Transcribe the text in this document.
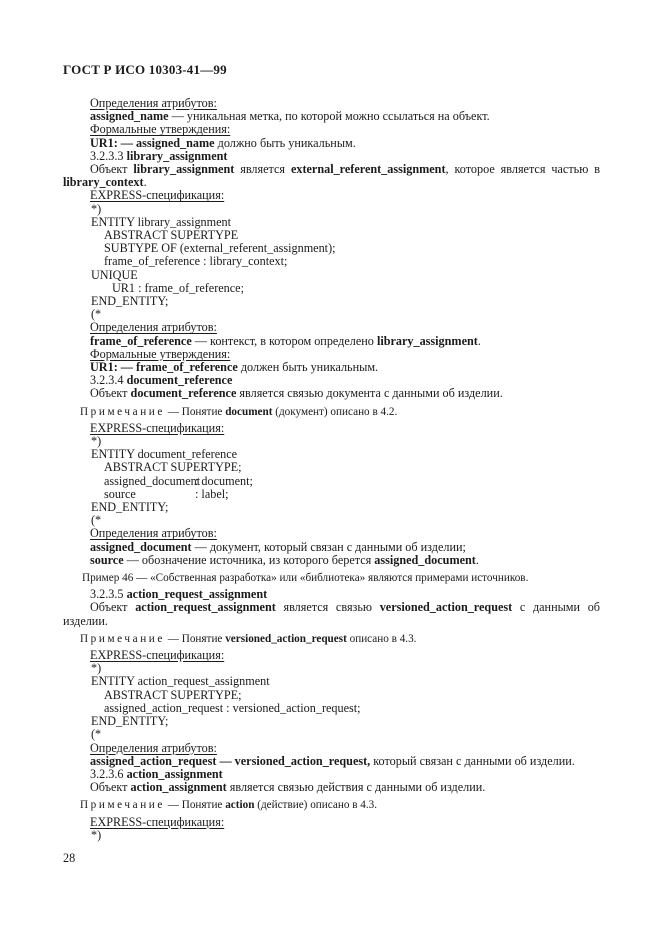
ГОСТ Р ИСО 10303-41—99
Определения атрибутов:
assigned_name — уникальная метка, по которой можно ссылаться на объект.
Формальные утверждения:
UR1: — assigned_name должно быть уникальным.
3.2.3.3 library_assignment
Объект library_assignment является external_referent_assignment, которое является частью в
library_context.
EXPRESS-спецификация:
*)
ENTITY library_assignment
ABSTRACT SUPERTYPE
SUBTYPE OF (external_referent_assignment);
frame_of_reference : library_context;
UNIQUE
UR1 : frame_of_reference;
END_ENTITY;
(*
Определения атрибутов:
frame_of_reference — контекст, в котором определено library_assignment.
Формальные утверждения:
UR1: — frame_of_reference должен быть уникальным.
3.2.3.4 document_reference
Объект document_reference является связью документа с данными об изделии.
Примечание — Понятие document (документ) описано в 4.2.
EXPRESS-спецификация:
*)
ENTITY document_reference
ABSTRACT SUPERTYPE;
assigned_document: document;
source	: label;
END_ENTITY;
(*
Определения атрибутов:
assigned_document — документ, который связан с данными об изделии;
source — обозначение источника, из которого берется assigned_document.
Пример 46 — «Собственная разработка» или «библиотека» являются примерами источников.
3.2.3.5 action_request_assignment
Объект action_request_assignment является связью versioned_action_request с данными об
изделии.
Примечание — Понятие versioned_action_request описано в 4.3.
EXPRESS-спецификация:
*)
ENTITY action_request_assignment
ABSTRACT SUPERTYPE;
assigned_action_request : versioned_action_request;
END_ENTITY;
(*
Определения атрибутов:
assigned_action_request — versioned_action_request, который связан с данными об изделии.
3.2.3.6 action_assignment
Объект action_assignment является связью действия с данными об изделии.
Примечание — Понятие action (действие) описано в 4.3.
EXPRESS-спецификация:
*)
28
